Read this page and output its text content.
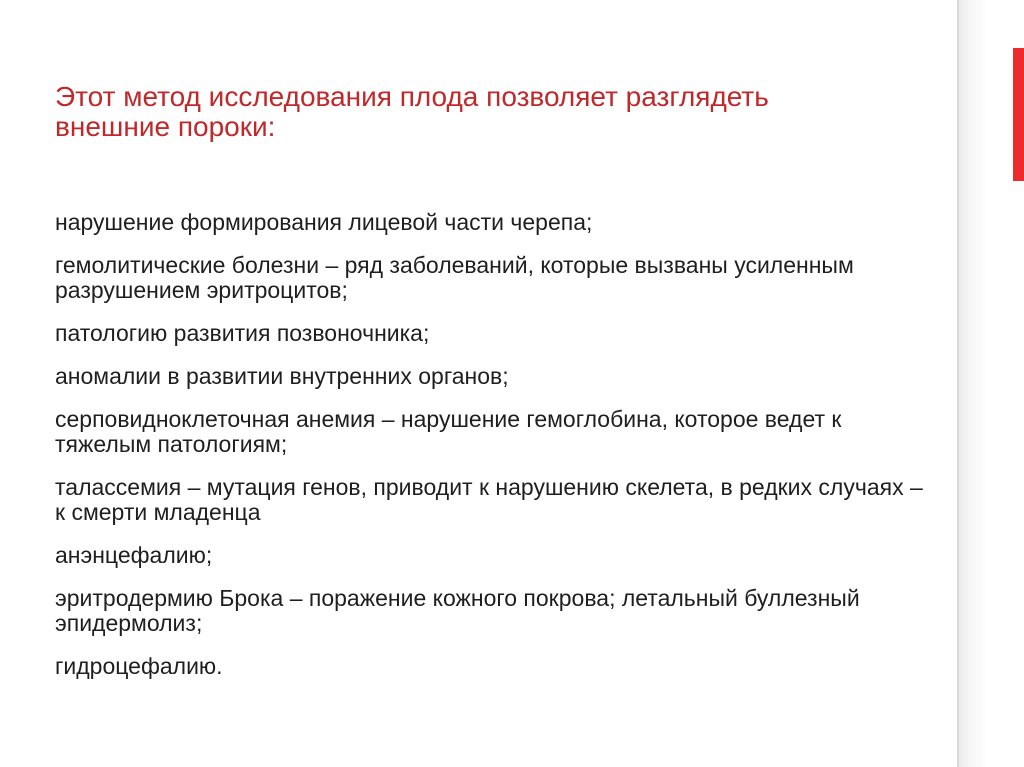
Этот метод исследования плода позволяет разглядеть внешние пороки:
нарушение формирования лицевой части черепа;
гемолитические болезни – ряд заболеваний, которые вызваны усиленным разрушением эритроцитов;
патологию развития позвоночника;
аномалии в развитии внутренних органов;
серповидноклеточная анемия – нарушение гемоглобина, которое ведет к тяжелым патологиям;
талассемия – мутация генов, приводит к нарушению скелета, в редких случаях – к смерти младенца
анэнцефалию;
эритродермию Брока – поражение кожного покрова; летальный буллезный эпидермолиз;
гидроцефалию.
